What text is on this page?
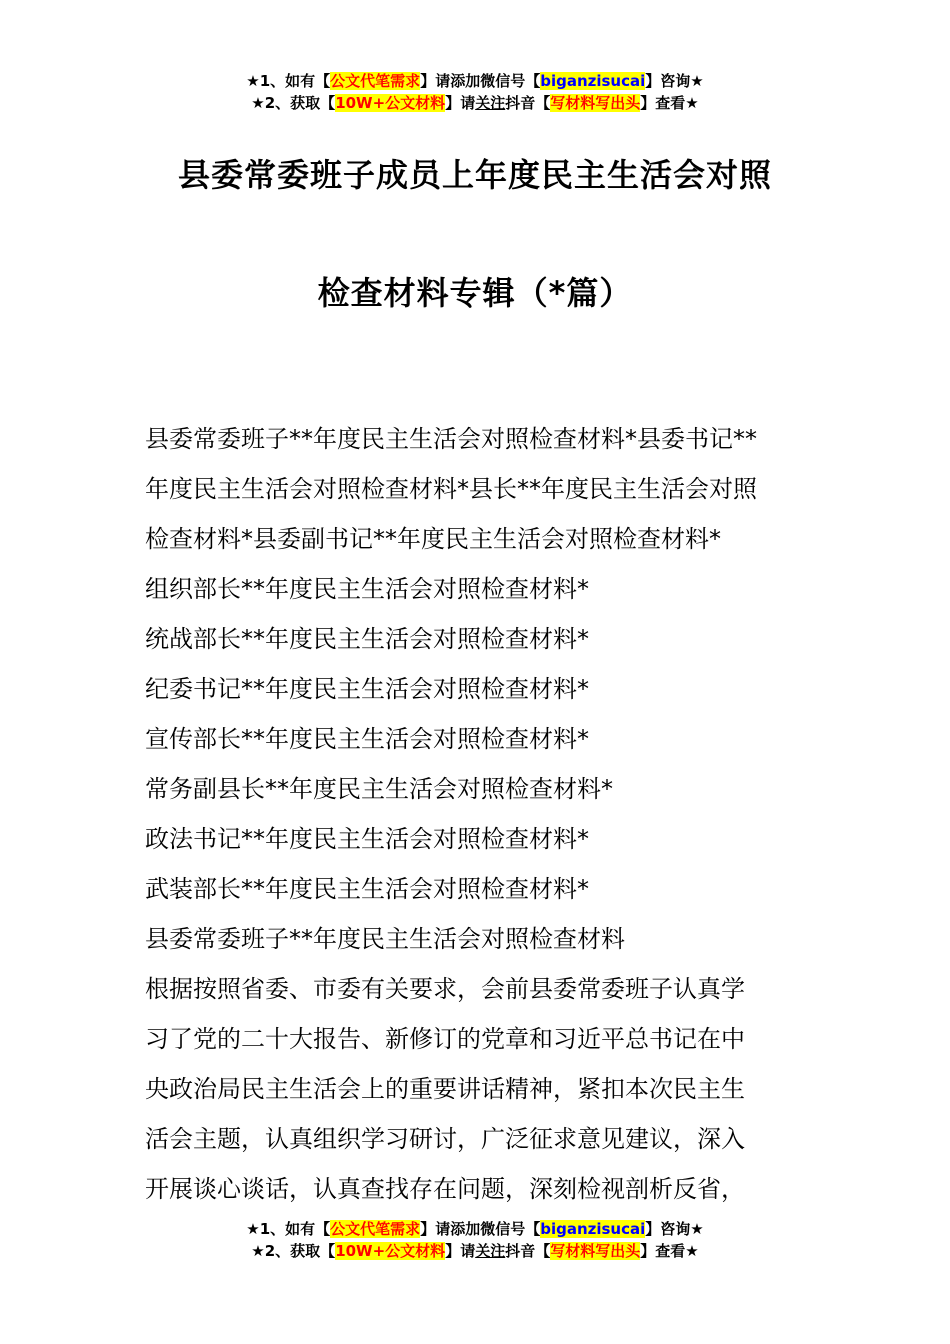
★1、如有【公文代笔需求】请添加微信号【biganzisucai】咨询★
★2、获取【10W+公文材料】请关注抖音【写材料写出头】查看★
县委常委班子成员上年度民主生活会对照
检查材料专辑（*篇）

县委常委班子**年度民主生活会对照检查材料*县委书记**

年度民主生活会对照检查材料*县长**年度民主生活会对照

检查材料*县委副书记**年度民主生活会对照检查材料*

组织部长**年度民主生活会对照检查材料*

统战部长**年度民主生活会对照检查材料*

纪委书记**年度民主生活会对照检查材料*

宣传部长**年度民主生活会对照检查材料*

常务副县长**年度民主生活会对照检查材料*

政法书记**年度民主生活会对照检查材料*

武装部长**年度民主生活会对照检查材料*

县委常委班子**年度民主生活会对照检查材料

根据按照省委、市委有关要求，会前县委常委班子认真学

习了党的二十大报告、新修订的党章和习近平总书记在中

央政治局民主生活会上的重要讲话精神，紧扣本次民主生

活会主题，认真组织学习研讨，广泛征求意见建议，深入

开展谈心谈话，认真查找存在问题，深刻检视剖析反省，

★1、如有【公文代笔需求】请添加微信号【biganzisucai】咨询★
★2、获取【10W+公文材料】请关注抖音【写材料写出头】查看★
